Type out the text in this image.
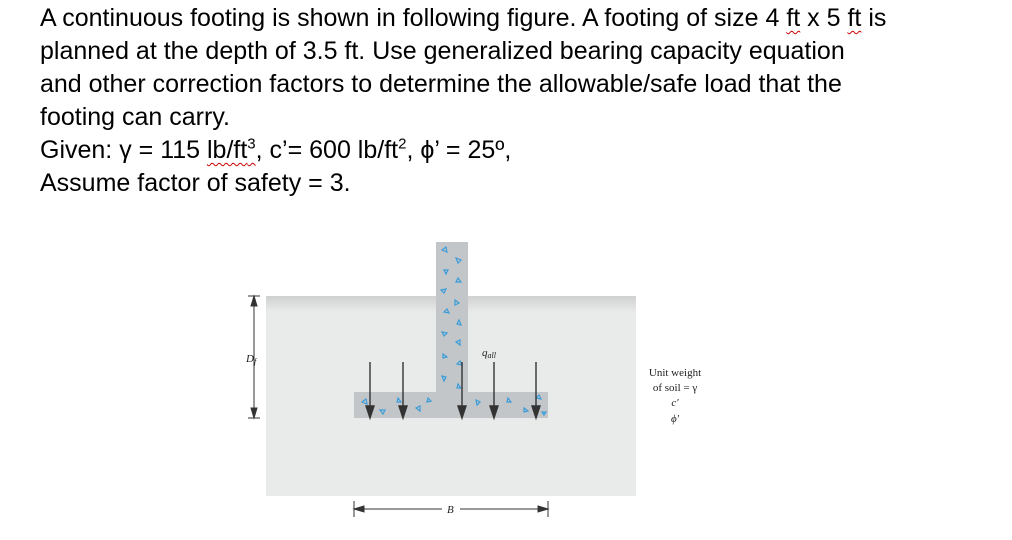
A continuous footing is shown in following figure. A footing of size 4 ft x 5 ft is

planned at the depth of 3.5 ft. Use generalized bearing capacity equation

and other correction factors to determine the allowable/safe load that the

footing can carry.

Given: γ = 115 $lb/ft^3$, c’= 600 $lb/ft^2$, ϕ’ = 25º,

Assume factor of safety = 3.

Df
qall
B
Unit weight
of soil = γ
c′
ϕ′
